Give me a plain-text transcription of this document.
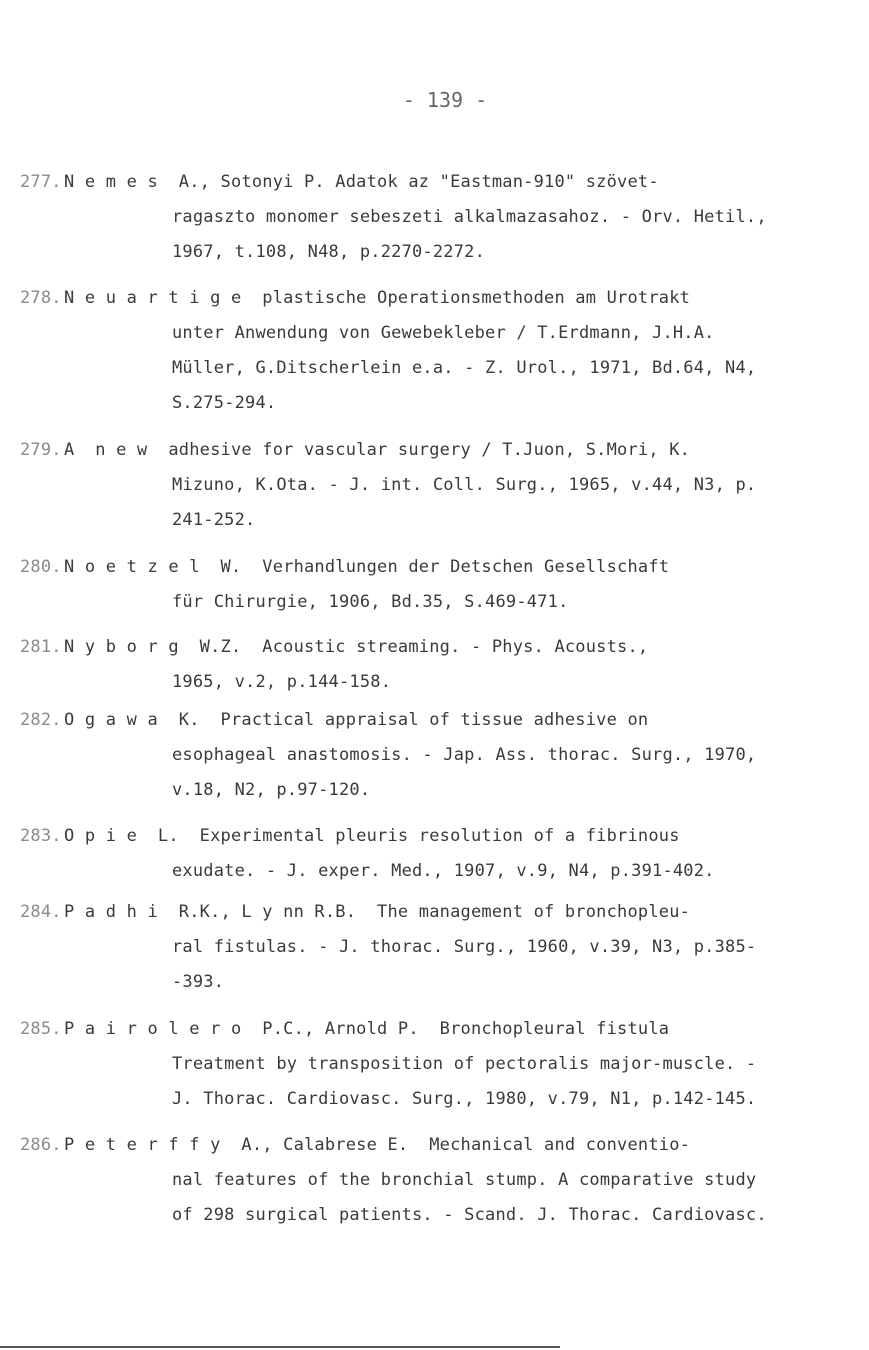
- 139 -
277. N e m e s  A., Sotonyi P. Adatok az "Eastman-910" szövet-
ragaszto monomer sebeszeti alkalmazasahoz. - Orv. Hetil.,
1967, t.108, N48, p.2270-2272.
278. N e u a r t i g e  plastische Operationsmethoden am Urotrakt
unter Anwendung von Gewebekleber / T.Erdmann, J.H.A.
Müller, G.Ditscherlein e.a. - Z. Urol., 1971, Bd.64, N4,
S.275-294.
279. A  n e w  adhesive for vascular surgery / T.Juon, S.Mori, K.
Mizuno, K.Ota. - J. int. Coll. Surg., 1965, v.44, N3, p.
241-252.
280. N o e t z e l  W.  Verhandlungen der Detschen Gesellschaft
für Chirurgie, 1906, Bd.35, S.469-471.
281. N y b o r g  W.Z.  Acoustic streaming. - Phys. Acousts.,
1965, v.2, p.144-158.
282. O g a w a  K.  Practical appraisal of tissue adhesive on
esophageal anastomosis. - Jap. Ass. thorac. Surg., 1970,
v.18, N2, p.97-120.
283. O p i e  L.  Experimental pleuris resolution of a fibrinous
exudate. - J. exper. Med., 1907, v.9, N4, p.391-402.
284. P a d h i  R.K., L y nn R.B.  The management of bronchopleu-
ral fistulas. - J. thorac. Surg., 1960, v.39, N3, p.385-
-393.
285. P a i r o l e r o  P.C., Arnold P.  Bronchopleural fistula
Treatment by transposition of pectoralis major-muscle. -
J. Thorac. Cardiovasc. Surg., 1980, v.79, N1, p.142-145.
286. P e t e r f f y  A., Calabrese E.  Mechanical and conventio-
nal features of the bronchial stump. A comparative study
of 298 surgical patients. - Scand. J. Thorac. Cardiovasc.
